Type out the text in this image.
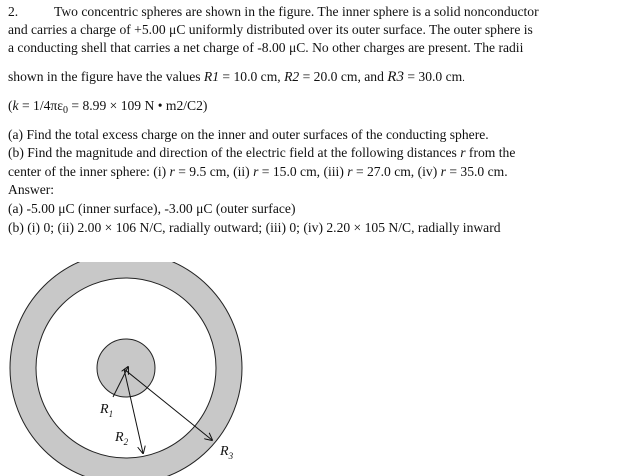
2.	Two concentric spheres are shown in the figure. The inner sphere is a solid nonconductor
and carries a charge of +5.00 μC uniformly distributed over its outer surface. The outer sphere is
a conducting shell that carries a net charge of -8.00 μC. No other charges are present. The radii
shown in the figure have the values R1 = 10.0 cm, R2 = 20.0 cm, and R3 = 30.0 cm.
($k = 1/4\pi\varepsilon_0 = 8.99 \times 109$ N • m2/C2)
(a) Find the total excess charge on the inner and outer surfaces of the conducting sphere.
(b) Find the magnitude and direction of the electric field at the following distances r from the
center of the inner sphere: (i) r = 9.5 cm, (ii) r = 15.0 cm, (iii) r = 27.0 cm, (iv) r = 35.0 cm.
Answer:
(a) -5.00 μC (inner surface), -3.00 μC (outer surface)
(b) (i) 0; (ii) 2.00 × 106 N/C, radially outward; (iii) 0; (iv) 2.20 × 105 N/C, radially inward
$R_1$
$R_2$
$R_3$
